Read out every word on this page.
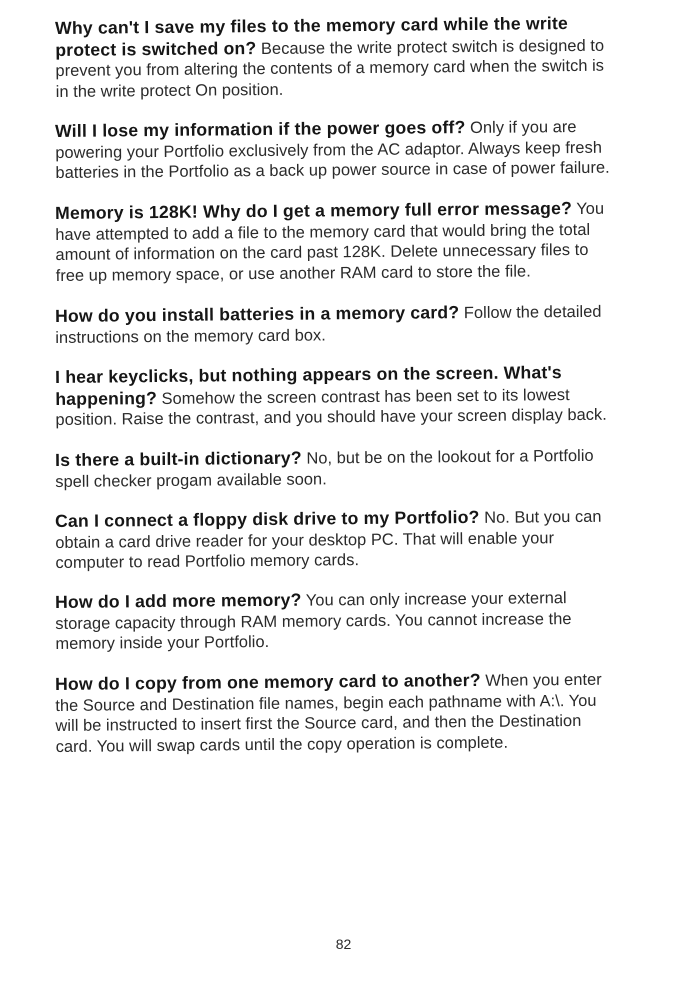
Why can't I save my files to the memory card while the write protect is switched on? Because the write protect switch is designed to prevent you from altering the contents of a memory card when the switch is in the write protect On position.
Will I lose my information if the power goes off? Only if you are powering your Portfolio exclusively from the AC adaptor. Always keep fresh batteries in the Portfolio as a back up power source in case of power failure.
Memory is 128K! Why do I get a memory full error message? You have attempted to add a file to the memory card that would bring the total amount of information on the card past 128K. Delete unnecessary files to free up memory space, or use another RAM card to store the file.
How do you install batteries in a memory card? Follow the detailed instructions on the memory card box.
I hear keyclicks, but nothing appears on the screen. What's happening? Somehow the screen contrast has been set to its lowest position. Raise the contrast, and you should have your screen display back.
Is there a built-in dictionary? No, but be on the lookout for a Portfolio spell checker progam available soon.
Can I connect a floppy disk drive to my Portfolio? No. But you can obtain a card drive reader for your desktop PC. That will enable your computer to read Portfolio memory cards.
How do I add more memory? You can only increase your external storage capacity through RAM memory cards. You cannot increase the memory inside your Portfolio.
How do I copy from one memory card to another? When you enter the Source and Destination file names, begin each pathname with A:\. You will be instructed to insert first the Source card, and then the Destination card. You will swap cards until the copy operation is complete.
82
